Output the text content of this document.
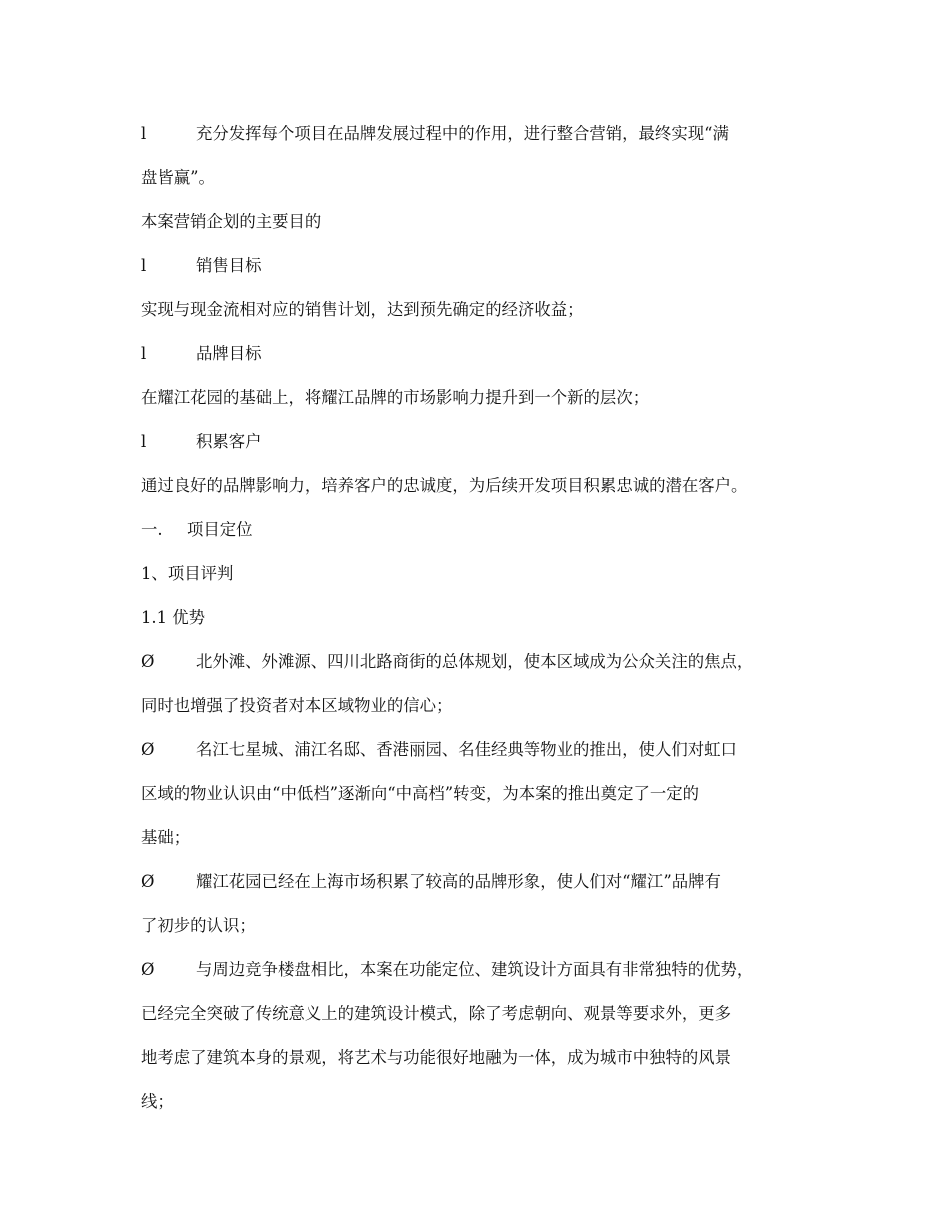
l	充分发挥每个项目在品牌发展过程中的作用，进行整合营销，最终实现“满

盘皆赢”。

本案营销企划的主要目的

l	销售目标

实现与现金流相对应的销售计划，达到预先确定的经济收益；

l	品牌目标

在耀江花园的基础上，将耀江品牌的市场影响力提升到一个新的层次；

l	积累客户

通过良好的品牌影响力，培养客户的忠诚度，为后续开发项目积累忠诚的潜在客户。

一. 项目定位

1、项目评判

1.1 优势

Ø	北外滩、外滩源、四川北路商街的总体规划，使本区域成为公众关注的焦点，

同时也增强了投资者对本区域物业的信心；

Ø	名江七星城、浦江名邸、香港丽园、名佳经典等物业的推出，使人们对虹口

区域的物业认识由“中低档”逐渐向“中高档”转变，为本案的推出奠定了一定的

基础；

Ø	耀江花园已经在上海市场积累了较高的品牌形象，使人们对“耀江”品牌有

了初步的认识；

Ø	与周边竞争楼盘相比，本案在功能定位、建筑设计方面具有非常独特的优势，

已经完全突破了传统意义上的建筑设计模式，除了考虑朝向、观景等要求外，更多

地考虑了建筑本身的景观，将艺术与功能很好地融为一体，成为城市中独特的风景

线；
